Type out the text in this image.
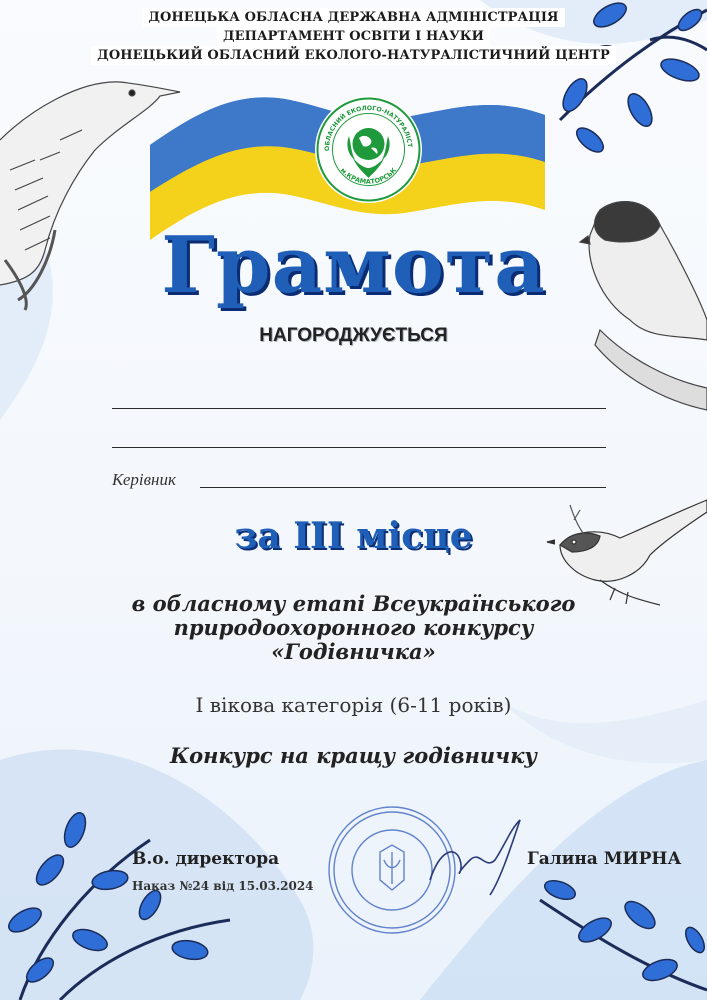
ДОНЕЦЬКА ОБЛАСНА ДЕРЖАВНА АДМІНІСТРАЦІЯ
ДЕПАРТАМЕНТ ОСВІТИ І НАУКИ
ДОНЕЦЬКИЙ ОБЛАСНИЙ ЕКОЛОГО-НАТУРАЛІСТИЧНИЙ ЦЕНТР
ОБЛАСНИЙ ЕКОЛОГО-НАТУРАЛІСТ
м.КРАМАТОРСЬК
Грамота
НАГОРОДЖУЄТЬСЯ
Керівник
за III місце
в обласному етапі Всеукраїнського
природоохоронного конкурсу
«Годівничка»
I вікова категорія (6-11 років)
Конкурс на кращу годівничку
В.о. директора
Наказ №24 від 15.03.2024
Галина МИРНА
